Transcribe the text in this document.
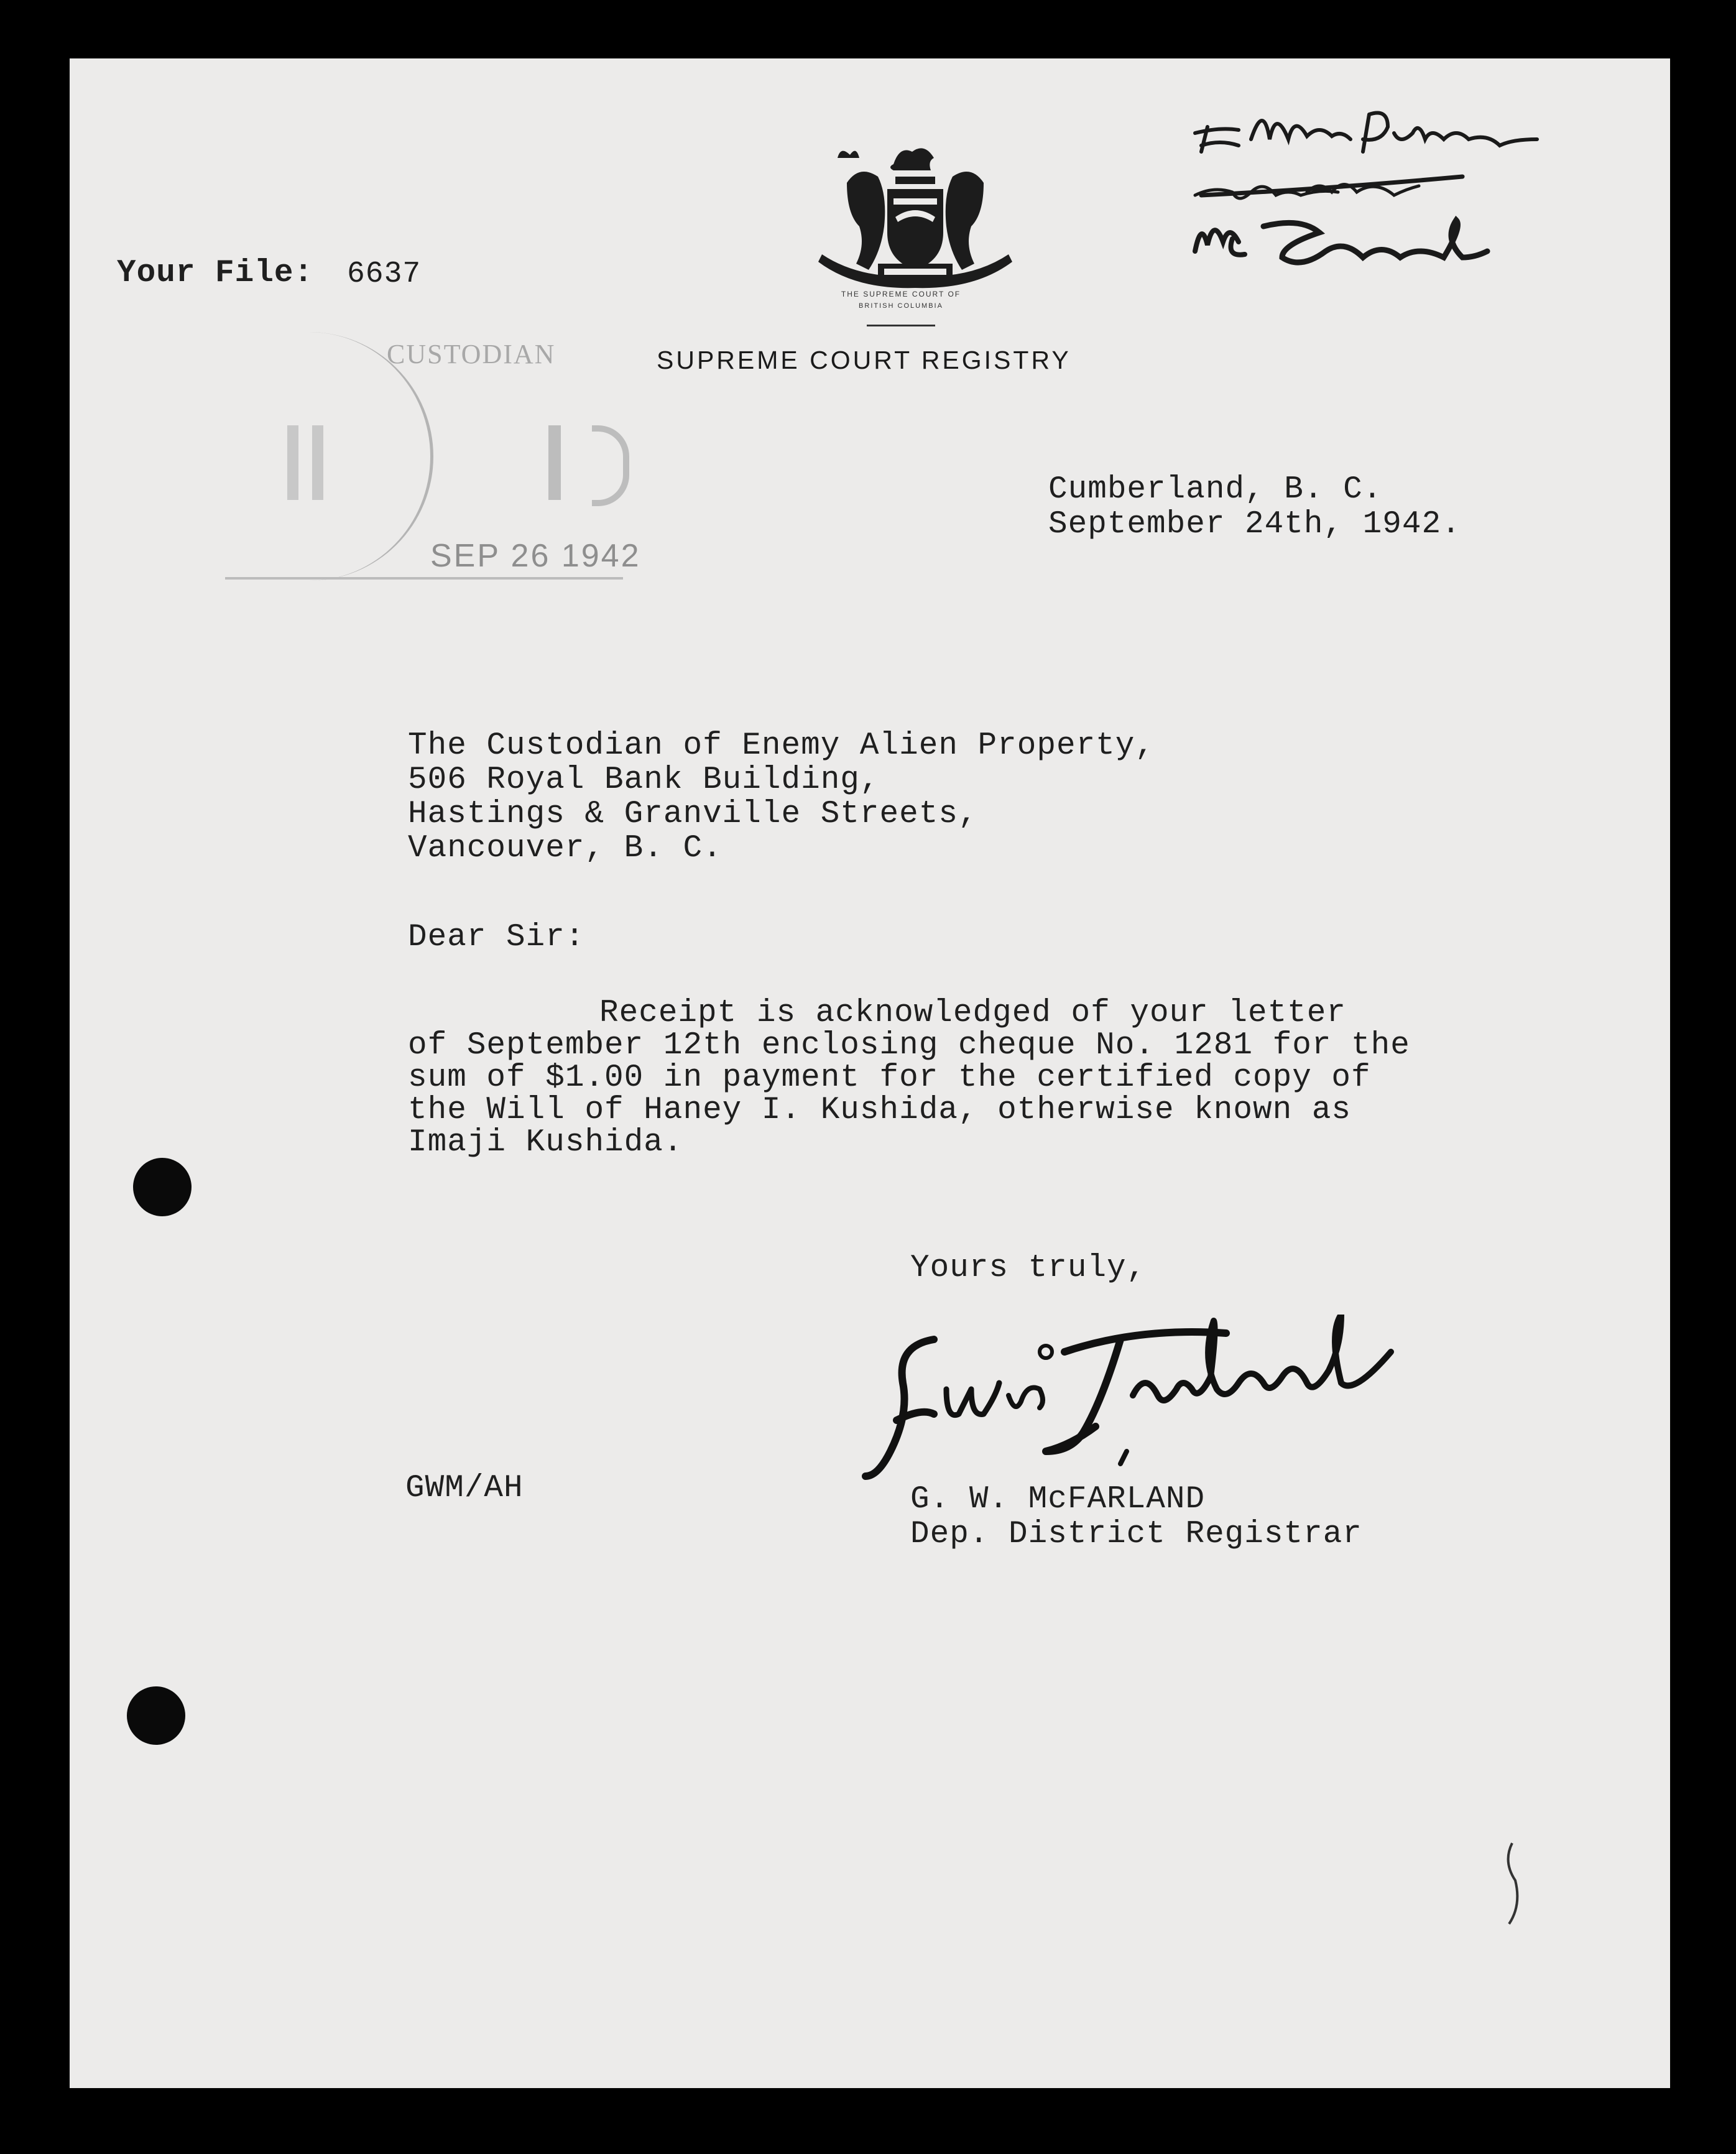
THE SUPREME COURT OF
BRITISH COLUMBIA
SUPREME COURT REGISTRY
Your File: 6637
CUSTODIAN
SEP 26 1942
Cumberland, B. C.
September 24th, 1942.
The Custodian of Enemy Alien Property,
506 Royal Bank Building,
Hastings & Granville Streets,
Vancouver, B. C.
Dear Sir:
Receipt is acknowledged of your letter
of September 12th enclosing cheque No. 1281 for the
sum of $1.00 in payment for the certified copy of
the Will of Haney I. Kushida, otherwise known as
Imaji Kushida.
Yours truly,
G. W. McFARLAND
Dep. District Registrar
GWM/AH
